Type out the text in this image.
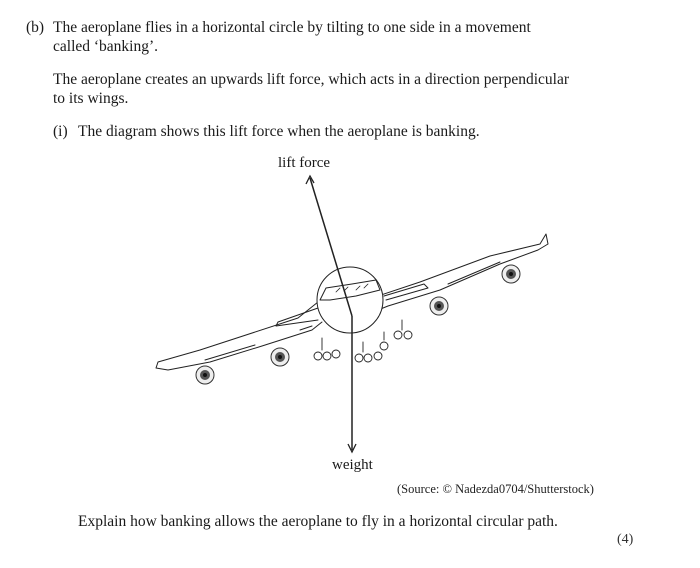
(b) The aeroplane flies in a horizontal circle by tilting to one side in a movement
called ‘banking’.
The aeroplane creates an upwards lift force, which acts in a direction perpendicular
to its wings.
(i) The diagram shows this lift force when the aeroplane is banking.
lift force
weight
(Source: © Nadezda0704/Shutterstock)
Explain how banking allows the aeroplane to fly in a horizontal circular path.
(4)
